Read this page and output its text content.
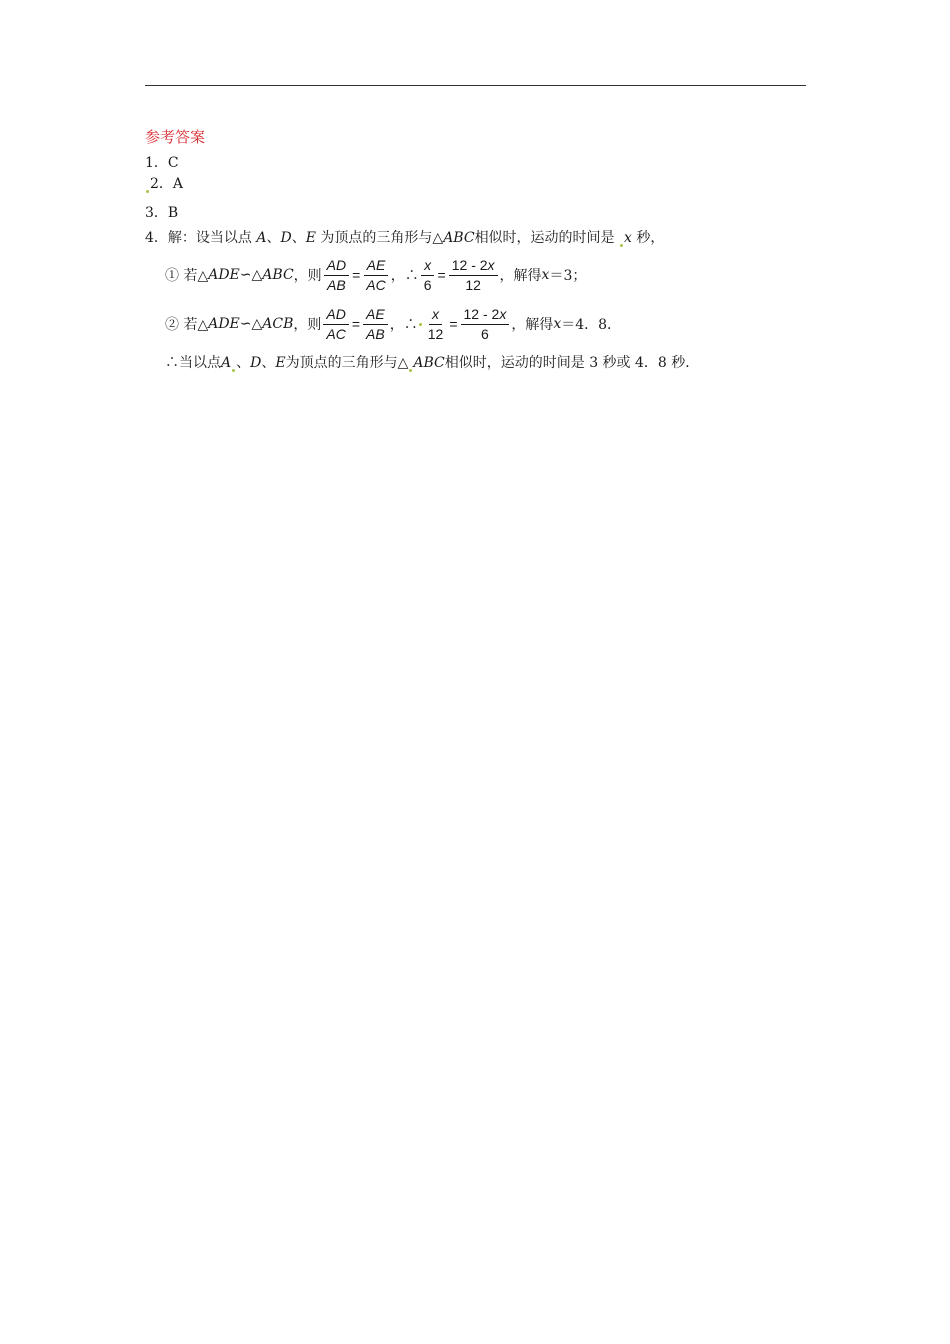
参考答案
1．C
2．A
3．B
4．解：设当以点 A、D、E 为顶点的三角形与△ABC相似时，运动的时间是 x 秒，
① 若△ ADE ∽△ ABC ，则 $\frac{AD}{AB} = \frac{AE}{AC}$ ，∴ $\frac{x}{6} = \frac{12 - 2x}{12}$ ，解得 x ＝3；
② 若△ ADE ∽△ ACB ，则 $\frac{AD}{AC} = \frac{AE}{AB}$ ，∴ $\frac{x}{12} = \frac{12 - 2x}{6}$ ，解得 x ＝4．8．
∴当以点A 、D、E为顶点的三角形与△ ABC相似时，运动的时间是 3 秒或 4．8 秒．
